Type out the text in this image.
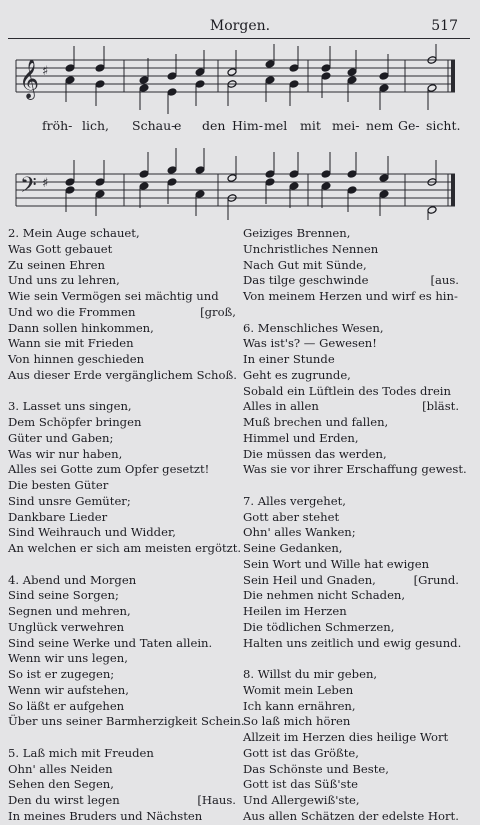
Morgen.	517
𝄞 ♯
fröh- lich, Schau-
e den Him- mel mit mei- nem Ge- sicht.
𝄢 ♯
2. Mein Auge schauet,
Was Gott gebauet
Zu seinen Ehren
Und uns zu lehren,
Wie sein Vermögen sei mächtig und
Und wo die Frommen	[groß,
Dann sollen hinkommen,
Wann sie mit Frieden
Von hinnen geschieden
Aus dieser Erde vergänglichem Schoß.
3. Lasset uns singen,
Dem Schöpfer bringen
Güter und Gaben;
Was wir nur haben,
Alles sei Gotte zum Opfer gesetzt!
Die besten Güter
Sind unsre Gemüter;
Dankbare Lieder
Sind Weihrauch und Widder,
An welchen er sich am meisten ergötzt.
4. Abend und Morgen
Sind seine Sorgen;
Segnen und mehren,
Unglück verwehren
Sind seine Werke und Taten allein.
Wenn wir uns legen,
So ist er zugegen;
Wenn wir aufstehen,
So läßt er aufgehen
Über uns seiner Barmherzigkeit Schein.
5. Laß mich mit Freuden
Ohn' alles Neiden
Sehen den Segen,
Den du wirst legen	[Haus.
In meines Bruders und Nächsten
Geiziges Brennen,
Unchristliches Nennen
Nach Gut mit Sünde,
Das tilge geschwinde	[aus.
Von meinem Herzen und wirf es hin-
6. Menschliches Wesen,
Was ist's? — Gewesen!
In einer Stunde
Geht es zugrunde,
Sobald ein Lüftlein des Todes drein
Alles in allen	[bläst.
Muß brechen und fallen,
Himmel und Erden,
Die müssen das werden,
Was sie vor ihrer Erschaffung gewest.
7. Alles vergehet,
Gott aber stehet
Ohn' alles Wanken;
Seine Gedanken,
Sein Wort und Wille hat ewigen
Sein Heil und Gnaden,	[Grund.
Die nehmen nicht Schaden,
Heilen im Herzen
Die tödlichen Schmerzen,
Halten uns zeitlich und ewig gesund.
8. Willst du mir geben,
Womit mein Leben
Ich kann ernähren,
So laß mich hören
Allzeit im Herzen dies heilige Wort
Gott ist das Größte,
Das Schönste und Beste,
Gott ist das Süß'ste
Und Allergewiß'ste,
Aus allen Schätzen der edelste Hort.
